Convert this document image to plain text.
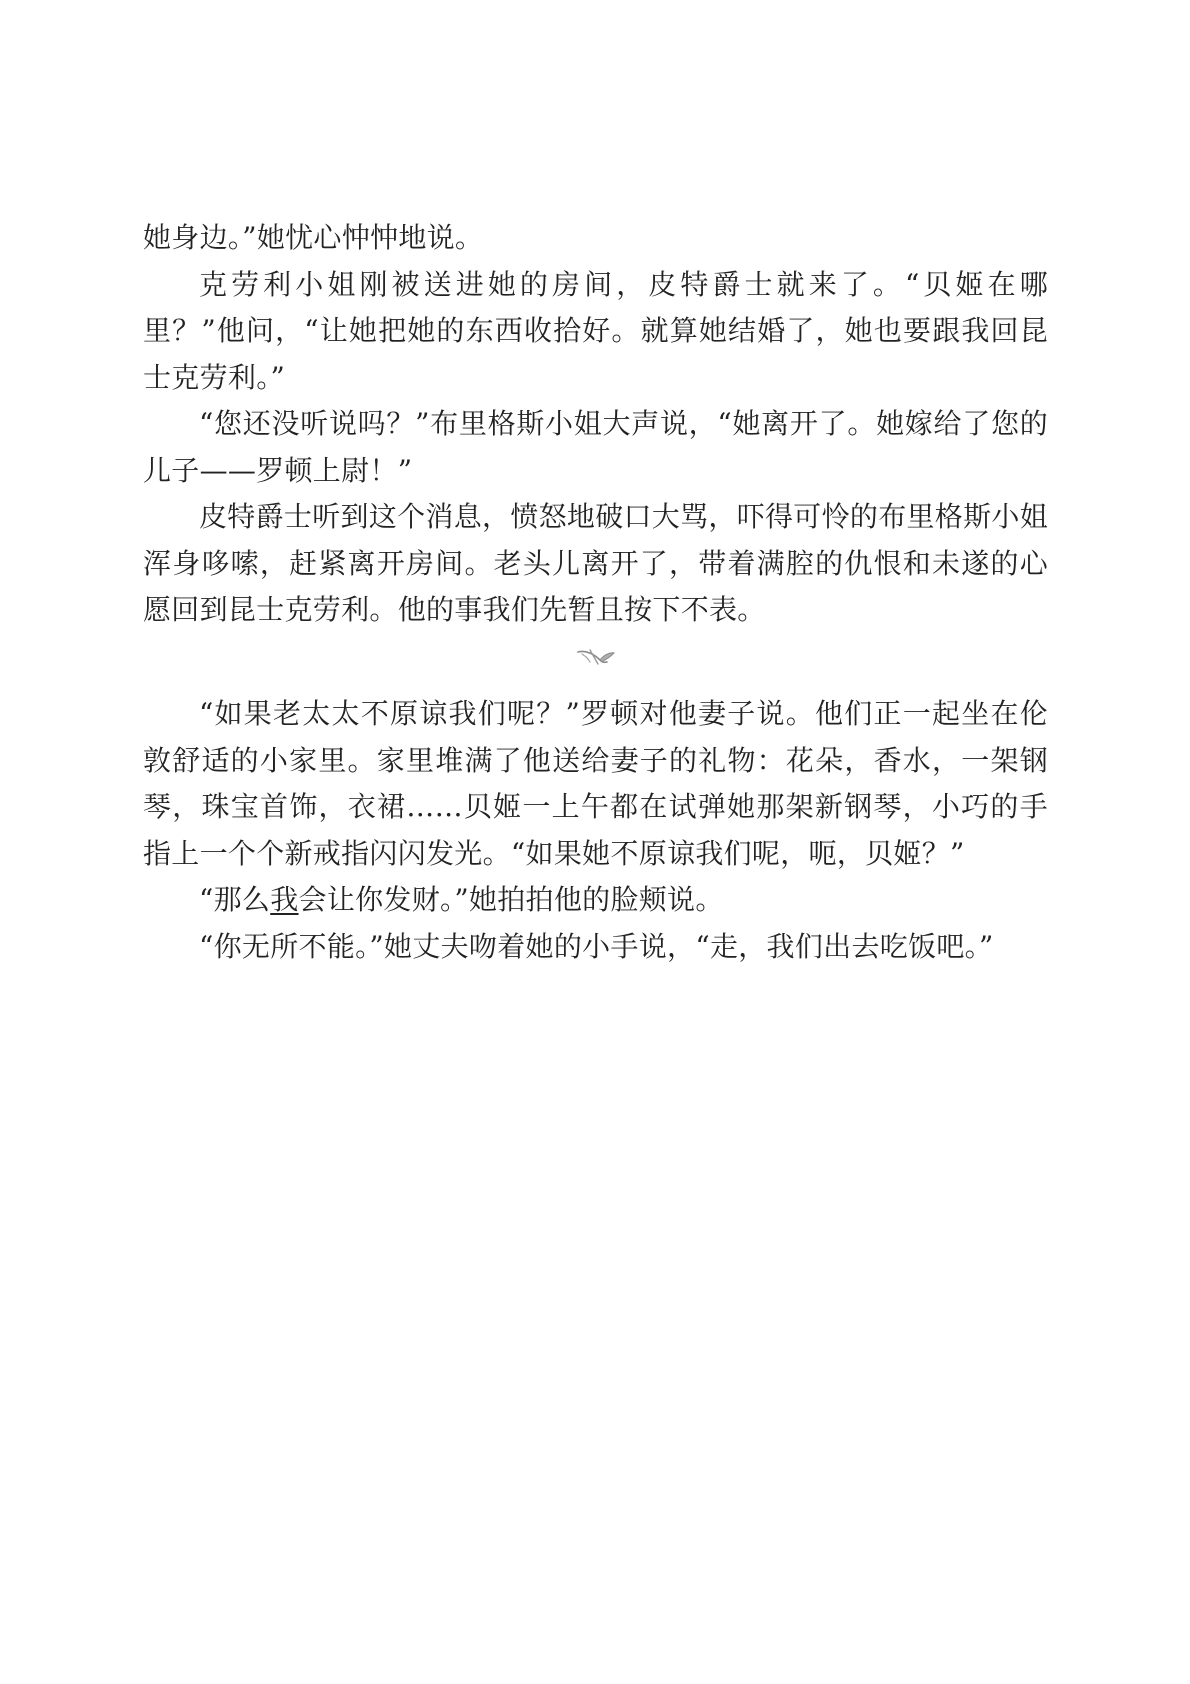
她身边。”她忧心忡忡地说。

克劳利小姐刚被送进她的房间，皮特爵士就来了。“贝姬在哪里？”他问，“让她把她的东西收拾好。就算她结婚了，她也要跟我回昆士克劳利。”

“您还没听说吗？”布里格斯小姐大声说，“她离开了。她嫁给了您的儿子——罗顿上尉！”

皮特爵士听到这个消息，愤怒地破口大骂，吓得可怜的布里格斯小姐浑身哆嗦，赶紧离开房间。老头儿离开了，带着满腔的仇恨和未遂的心愿回到昆士克劳利。他的事我们先暂且按下不表。

“如果老太太不原谅我们呢？”罗顿对他妻子说。他们正一起坐在伦敦舒适的小家里。家里堆满了他送给妻子的礼物：花朵，香水，一架钢琴，珠宝首饰，衣裙……贝姬一上午都在试弹她那架新钢琴，小巧的手指上一个个新戒指闪闪发光。“如果她不原谅我们呢，呃，贝姬？”

“那么我会让你发财。”她拍拍他的脸颊说。

“你无所不能。”她丈夫吻着她的小手说，“走，我们出去吃饭吧。”
